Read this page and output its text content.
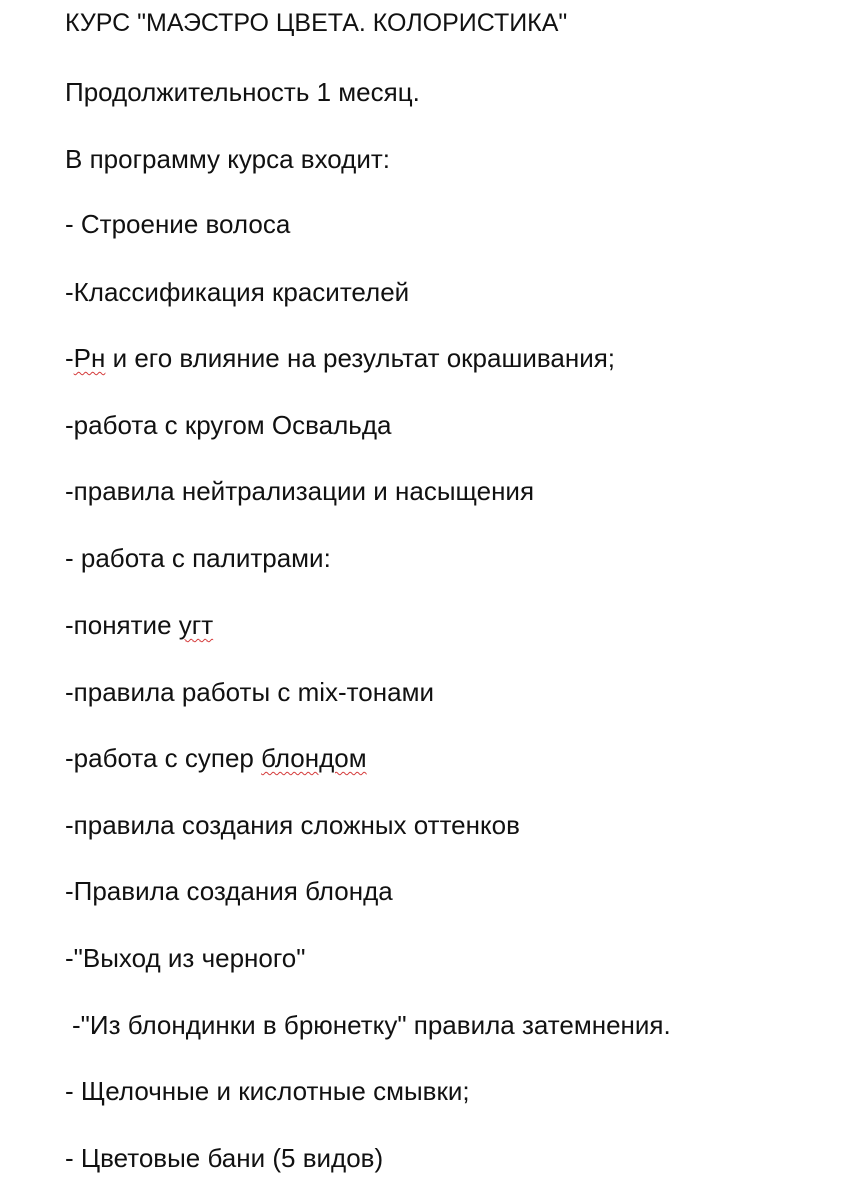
КУРС "МАЭСТРО ЦВЕТА. КОЛОРИСТИКА"

Продолжительность 1 месяц.

В программу курса входит:

- Строение волоса

-Классификация красителей

-Рн и его влияние на результат окрашивания;

-работа с кругом Освальда

-правила нейтрализации и насыщения

- работа с палитрами:

-понятие угт

-правила работы с mix-тонами

-работа с супер блондом

-правила создания сложных оттенков

-Правила создания блонда

-"Выход из черного"

-"Из блондинки в брюнетку" правила затемнения.

- Щелочные и кислотные смывки;

- Цветовые бани (5 видов)
